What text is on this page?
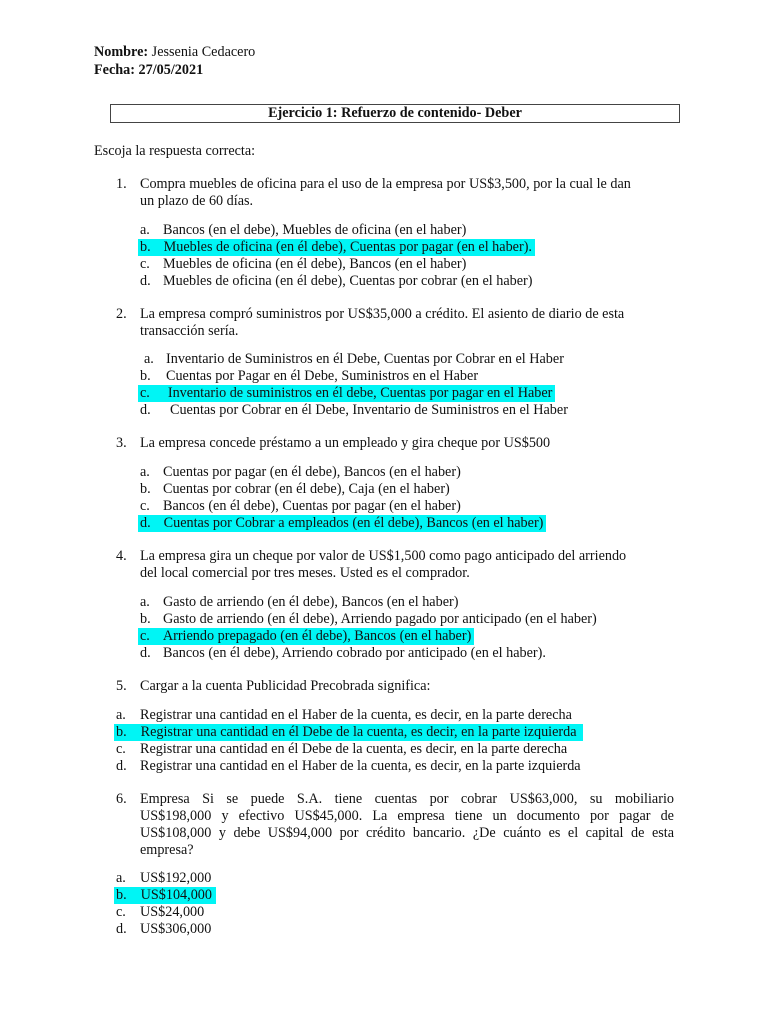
Nombre: Jessenia Cedacero
Fecha: 27/05/2021
Ejercicio 1: Refuerzo de contenido- Deber
Escoja la respuesta correcta:
1. Compra muebles de oficina para el uso de la empresa por US$3,500, por la cual le dan
un plazo de 60 días.
a. Bancos (en el debe), Muebles de oficina (en el haber)
b. Muebles de oficina (en él debe), Cuentas por pagar (en el haber).
c. Muebles de oficina (en él debe), Bancos (en el haber)
d. Muebles de oficina (en él debe), Cuentas por cobrar (en el haber)
2. La empresa compró suministros por US$35,000 a crédito. El asiento de diario de esta
transacción sería.
a. Inventario de Suministros en él Debe, Cuentas por Cobrar en el Haber
b. Cuentas por Pagar en él Debe, Suministros en el Haber
c. Inventario de suministros en él debe, Cuentas por pagar en el Haber
d. Cuentas por Cobrar en él Debe, Inventario de Suministros en el Haber
3. La empresa concede préstamo a un empleado y gira cheque por US$500
a. Cuentas por pagar (en él debe), Bancos (en el haber)
b. Cuentas por cobrar (en él debe), Caja (en el haber)
c. Bancos (en él debe), Cuentas por pagar (en el haber)
d. Cuentas por Cobrar a empleados (en él debe), Bancos (en el haber)
4. La empresa gira un cheque por valor de US$1,500 como pago anticipado del arriendo
del local comercial por tres meses. Usted es el comprador.
a. Gasto de arriendo (en él debe), Bancos (en el haber)
b. Gasto de arriendo (en él debe), Arriendo pagado por anticipado (en el haber)
c. Arriendo prepagado (en él debe), Bancos (en el haber)
d. Bancos (en él debe), Arriendo cobrado por anticipado (en el haber).
5. Cargar a la cuenta Publicidad Precobrada significa:
a. Registrar una cantidad en el Haber de la cuenta, es decir, en la parte derecha
b. Registrar una cantidad en él Debe de la cuenta, es decir, en la parte izquierda
c. Registrar una cantidad en él Debe de la cuenta, es decir, en la parte derecha
d. Registrar una cantidad en el Haber de la cuenta, es decir, en la parte izquierda
6. Empresa Si se puede S.A. tiene cuentas por cobrar US$63,000, su mobiliario
US$198,000 y efectivo US$45,000. La empresa tiene un documento por pagar de
US$108,000 y debe US$94,000 por crédito bancario. ¿De cuánto es el capital de esta
empresa?
a. US$192,000
b. US$104,000
c. US$24,000
d. US$306,000
